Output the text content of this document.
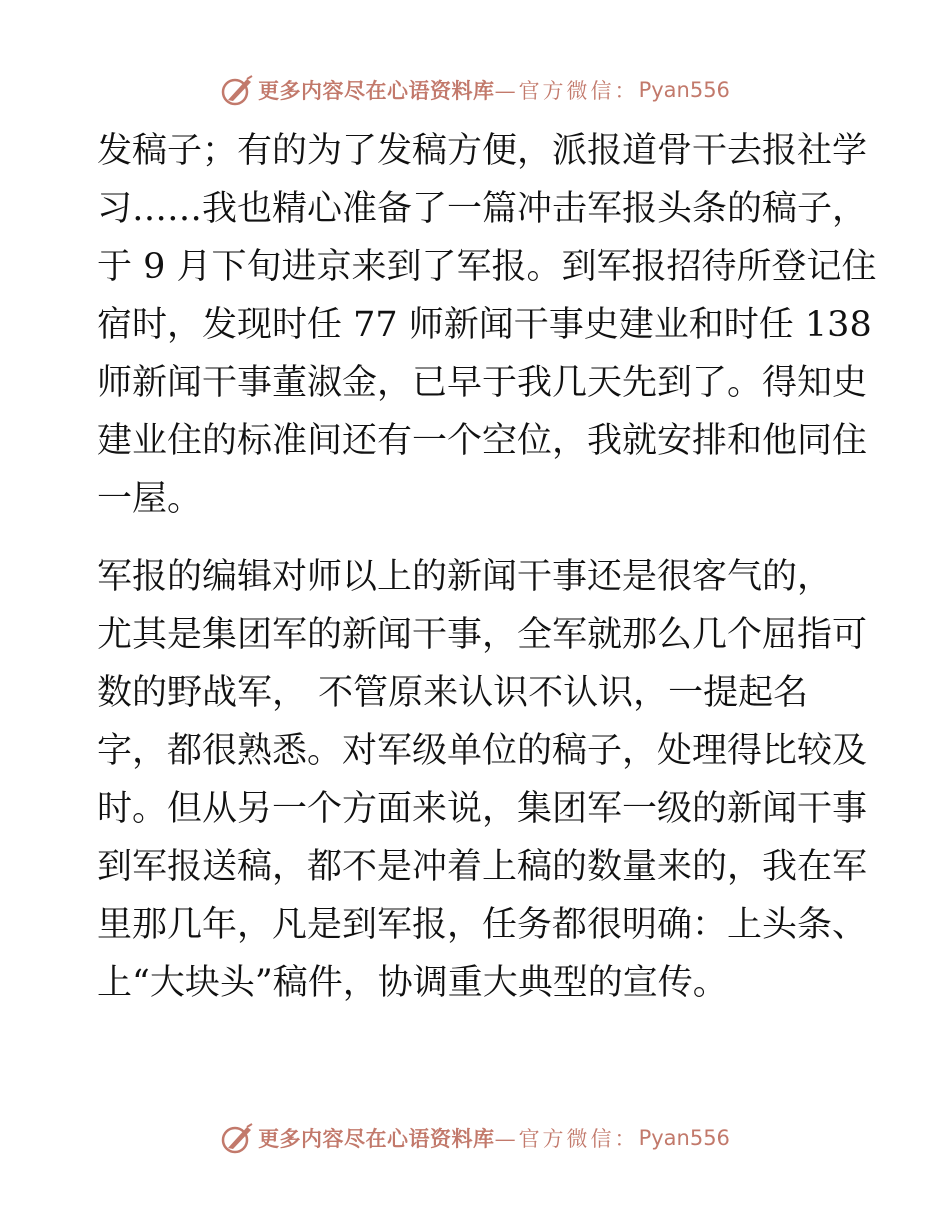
更多内容尽在心语资料库 —官方微信： Pyan556
发稿子；有的为了发稿方便，派报道骨干去报社学
习……我也精心准备了一篇冲击军报头条的稿子，
于 9 月下旬进京来到了军报。到军报招待所登记住
宿时，发现时任 77 师新闻干事史建业和时任 138
师新闻干事董淑金，已早于我几天先到了。得知史
建业住的标准间还有一个空位，我就安排和他同住
一屋。
军报的编辑对师以上的新闻干事还是很客气的，
尤其是集团军的新闻干事，全军就那么几个屈指可
数的野战军， 不管原来认识不认识，一提起名
字，都很熟悉。对军级单位的稿子，处理得比较及
时。但从另一个方面来说，集团军一级的新闻干事
到军报送稿，都不是冲着上稿的数量来的，我在军
里那几年，凡是到军报，任务都很明确：上头条、
上“大块头”稿件，协调重大典型的宣传。
更多内容尽在心语资料库 —官方微信： Pyan556
